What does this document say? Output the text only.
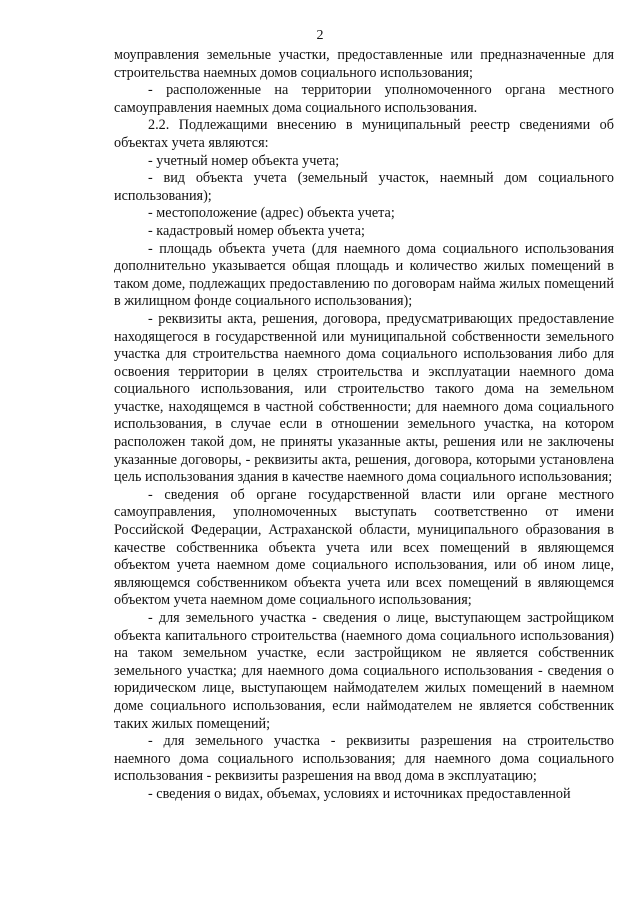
2

моуправления земельные участки, предоставленные или предназначенные для строительства наемных домов социального использования;

- расположенные на территории уполномоченного органа местного самоуправления наемных дома социального использования.

2.2. Подлежащими внесению в муниципальный реестр сведениями об объектах учета являются:

- учетный номер объекта учета;

- вид объекта учета (земельный участок, наемный дом социального использования);

- местоположение (адрес) объекта учета;

- кадастровый номер объекта учета;

- площадь объекта учета (для наемного дома социального использования дополнительно указывается общая площадь и количество жилых помещений в таком доме, подлежащих предоставлению по договорам найма жилых помещений в жилищном фонде социального использования);

- реквизиты акта, решения, договора, предусматривающих предоставление находящегося в государственной или муниципальной собственности земельного участка для строительства наемного дома социального использования либо для освоения территории в целях строительства и эксплуатации наемного дома социального использования, или строительство такого дома на земельном участке, находящемся в частной собственности; для наемного дома социального использования, в случае если в отношении земельного участка, на котором расположен такой дом, не приняты указанные акты, решения или не заключены указанные договоры, - реквизиты акта, решения, договора, которыми установлена цель использования здания в качестве наемного дома социального использования;

- сведения об органе государственной власти или органе местного самоуправления, уполномоченных выступать соответственно от имени Российской Федерации, Астраханской области, муниципального образования в качестве собственника объекта учета или всех помещений в являющемся объектом учета наемном доме социального использования, или об ином лице, являющемся собственником объекта учета или всех помещений в являющемся объектом учета наемном доме социального использования;

- для земельного участка - сведения о лице, выступающем застройщиком объекта капитального строительства (наемного дома социального использования) на таком земельном участке, если застройщиком не является собственник земельного участка; для наемного дома социального использования - сведения о юридическом лице, выступающем наймодателем жилых помещений в наемном доме социального использования, если наймодателем не является собственник таких жилых помещений;

- для земельного участка - реквизиты разрешения на строительство наемного дома социального использования; для наемного дома социального использования - реквизиты разрешения на ввод дома в эксплуатацию;

- сведения о видах, объемах, условиях и источниках предоставленной
